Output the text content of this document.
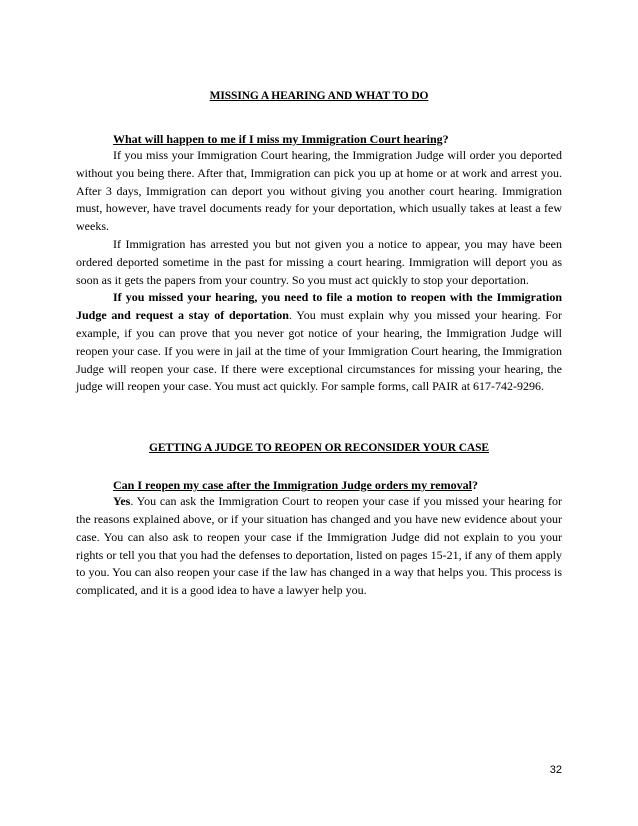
MISSING A HEARING AND WHAT TO DO
What will happen to me if I miss my Immigration Court hearing?

If you miss your Immigration Court hearing, the Immigration Judge will order you deported without you being there. After that, Immigration can pick you up at home or at work and arrest you. After 3 days, Immigration can deport you without giving you another court hearing. Immigration must, however, have travel documents ready for your deportation, which usually takes at least a few weeks.

If Immigration has arrested you but not given you a notice to appear, you may have been ordered deported sometime in the past for missing a court hearing. Immigration will deport you as soon as it gets the papers from your country. So you must act quickly to stop your deportation.

If you missed your hearing, you need to file a motion to reopen with the Immigration Judge and request a stay of deportation. You must explain why you missed your hearing. For example, if you can prove that you never got notice of your hearing, the Immigration Judge will reopen your case. If you were in jail at the time of your Immigration Court hearing, the Immigration Judge will reopen your case. If there were exceptional circumstances for missing your hearing, the judge will reopen your case. You must act quickly. For sample forms, call PAIR at 617-742-9296.

GETTING A JUDGE TO REOPEN OR RECONSIDER YOUR CASE
Can I reopen my case after the Immigration Judge orders my removal?

Yes. You can ask the Immigration Court to reopen your case if you missed your hearing for the reasons explained above, or if your situation has changed and you have new evidence about your case. You can also ask to reopen your case if the Immigration Judge did not explain to you your rights or tell you that you had the defenses to deportation, listed on pages 15-21, if any of them apply to you. You can also reopen your case if the law has changed in a way that helps you. This process is complicated, and it is a good idea to have a lawyer help you.

32
